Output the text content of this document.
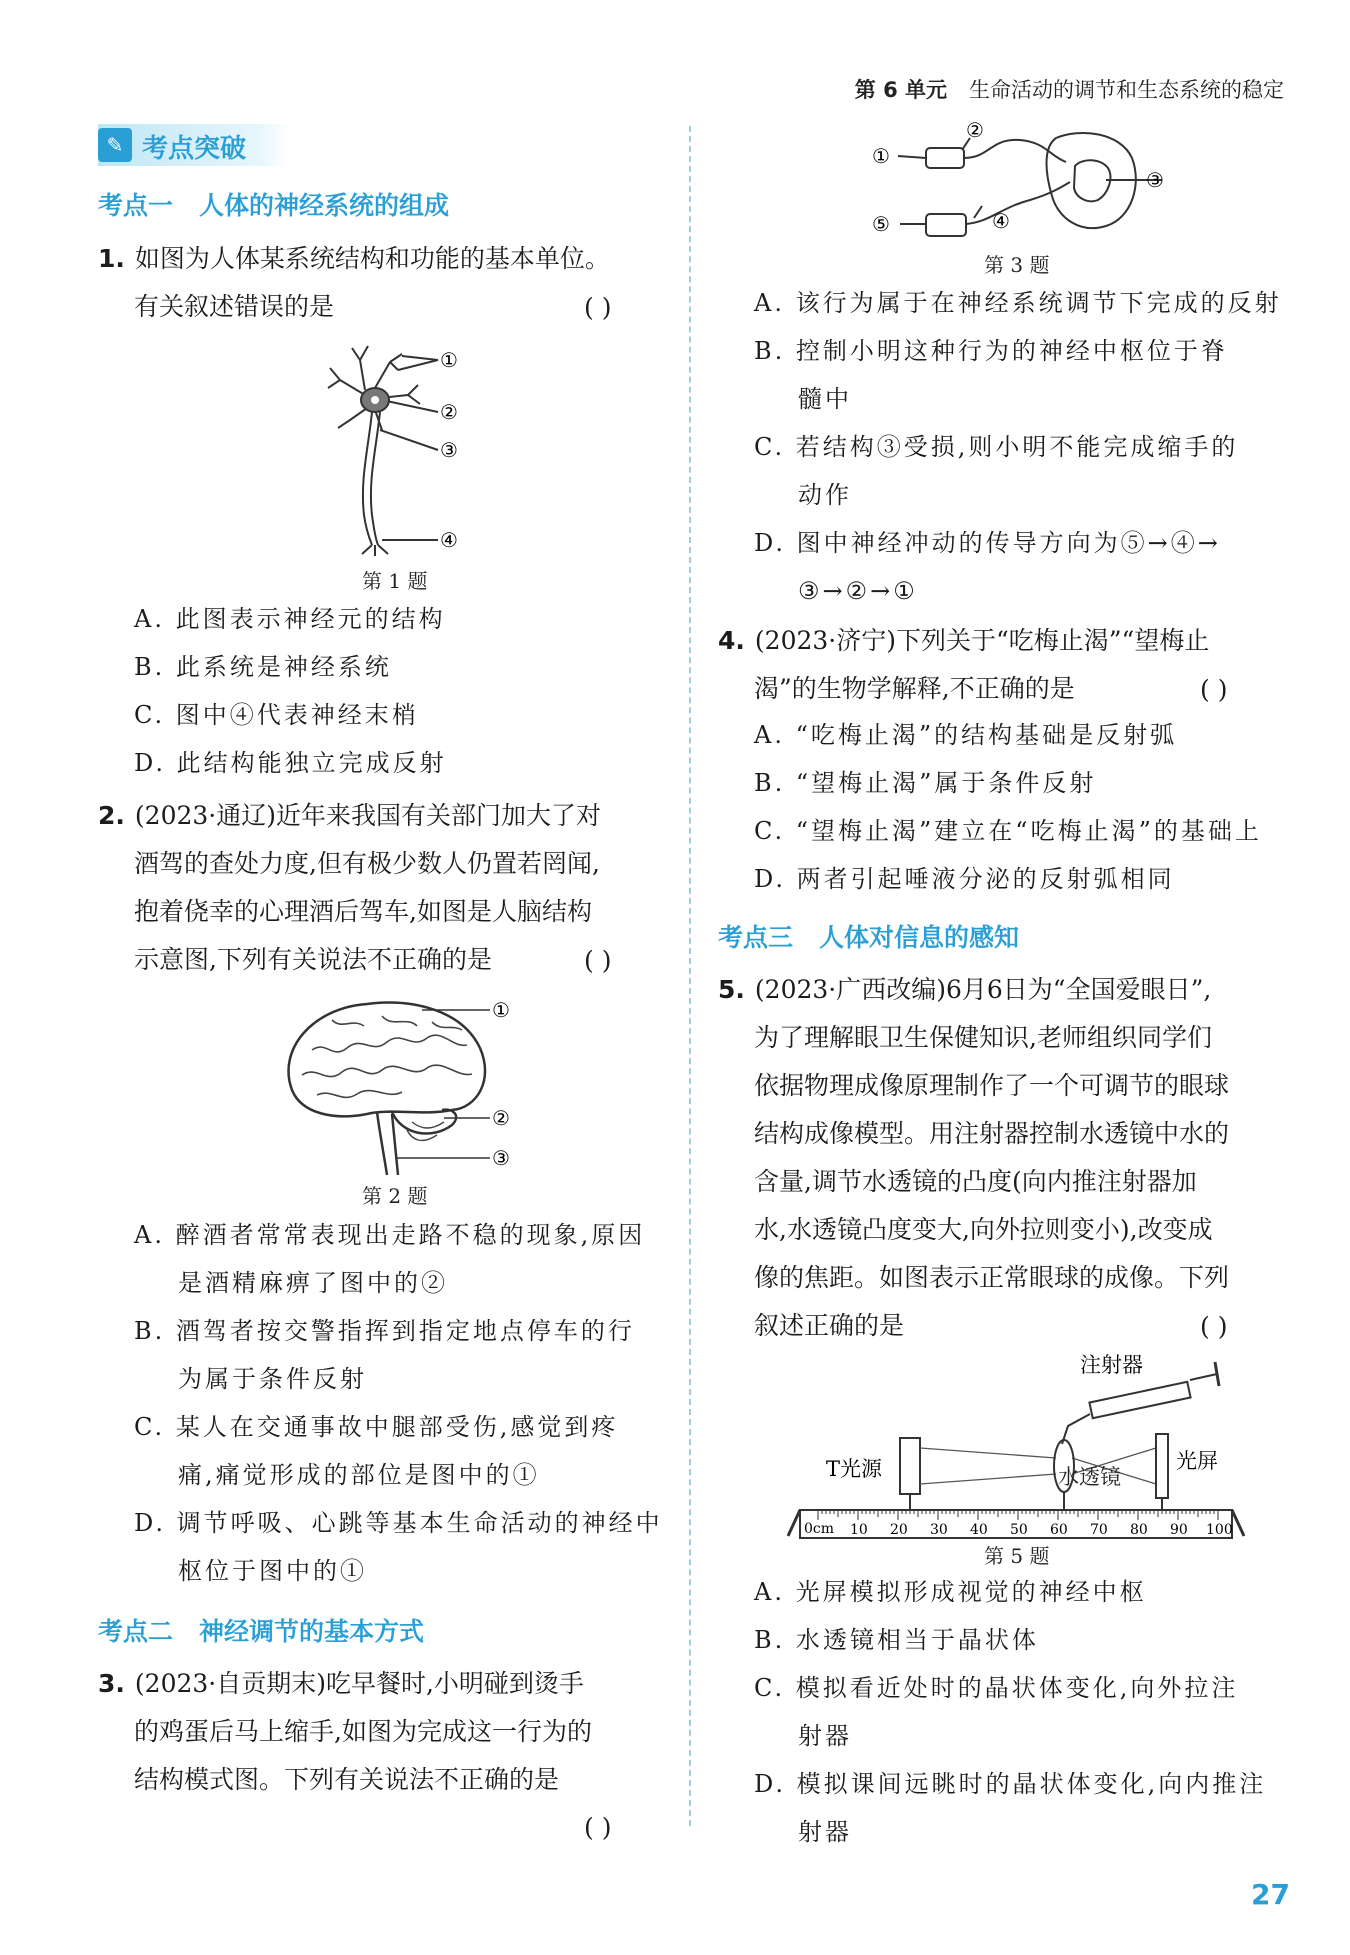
第 6 单元 生命活动的调节和生态系统的稳定
✎ 考点突破
考点一 人体的神经系统的组成
1. 如图为人体某系统结构和功能的基本单位。
有关叙述错误的是	( )
①
②
③
④
第 1 题
A. 此图表示神经元的结构
B. 此系统是神经系统
C. 图中④代表神经末梢
D. 此结构能独立完成反射
2. (2023·通辽)近年来我国有关部门加大了对
酒驾的查处力度,但有极少数人仍置若罔闻,
抱着侥幸的心理酒后驾车,如图是人脑结构
示意图,下列有关说法不正确的是	( )
①
②
③
第 2 题
A. 醉酒者常常表现出走路不稳的现象,原因
是酒精麻痹了图中的②
B. 酒驾者按交警指挥到指定地点停车的行
为属于条件反射
C. 某人在交通事故中腿部受伤,感觉到疼
痛,痛觉形成的部位是图中的①
D. 调节呼吸、心跳等基本生命活动的神经中
枢位于图中的①
考点二 神经调节的基本方式
3. (2023·自贡期末)吃早餐时,小明碰到烫手
的鸡蛋后马上缩手,如图为完成这一行为的
结构模式图。下列有关说法不正确的是
( )
①
②
③
④
⑤
第 3 题
A. 该行为属于在神经系统调节下完成的反射
B. 控制小明这种行为的神经中枢位于脊
髓中
C. 若结构③受损,则小明不能完成缩手的
动作
D. 图中神经冲动的传导方向为⑤→④→
③→②→①
4. (2023·济宁)下列关于“吃梅止渴”“望梅止
渴”的生物学解释,不正确的是	( )
A. “吃梅止渴”的结构基础是反射弧
B. “望梅止渴”属于条件反射
C. “望梅止渴”建立在“吃梅止渴”的基础上
D. 两者引起唾液分泌的反射弧相同
考点三 人体对信息的感知
5. (2023·广西改编)6月6日为“全国爱眼日”,
为了理解眼卫生保健知识,老师组织同学们
依据物理成像原理制作了一个可调节的眼球
结构成像模型。用注射器控制水透镜中水的
含量,调节水透镜的凸度(向内推注射器加
水,水透镜凸度变大,向外拉则变小),改变成
像的焦距。如图表示正常眼球的成像。下列
叙述正确的是	( )
注射器
T光源	水透镜
光屏
0cm 10 20 30 40 50 60 70 80 90 100
第 5 题
A. 光屏模拟形成视觉的神经中枢
B. 水透镜相当于晶状体
C. 模拟看近处时的晶状体变化,向外拉注
射器
D. 模拟课间远眺时的晶状体变化,向内推注
射器
27
